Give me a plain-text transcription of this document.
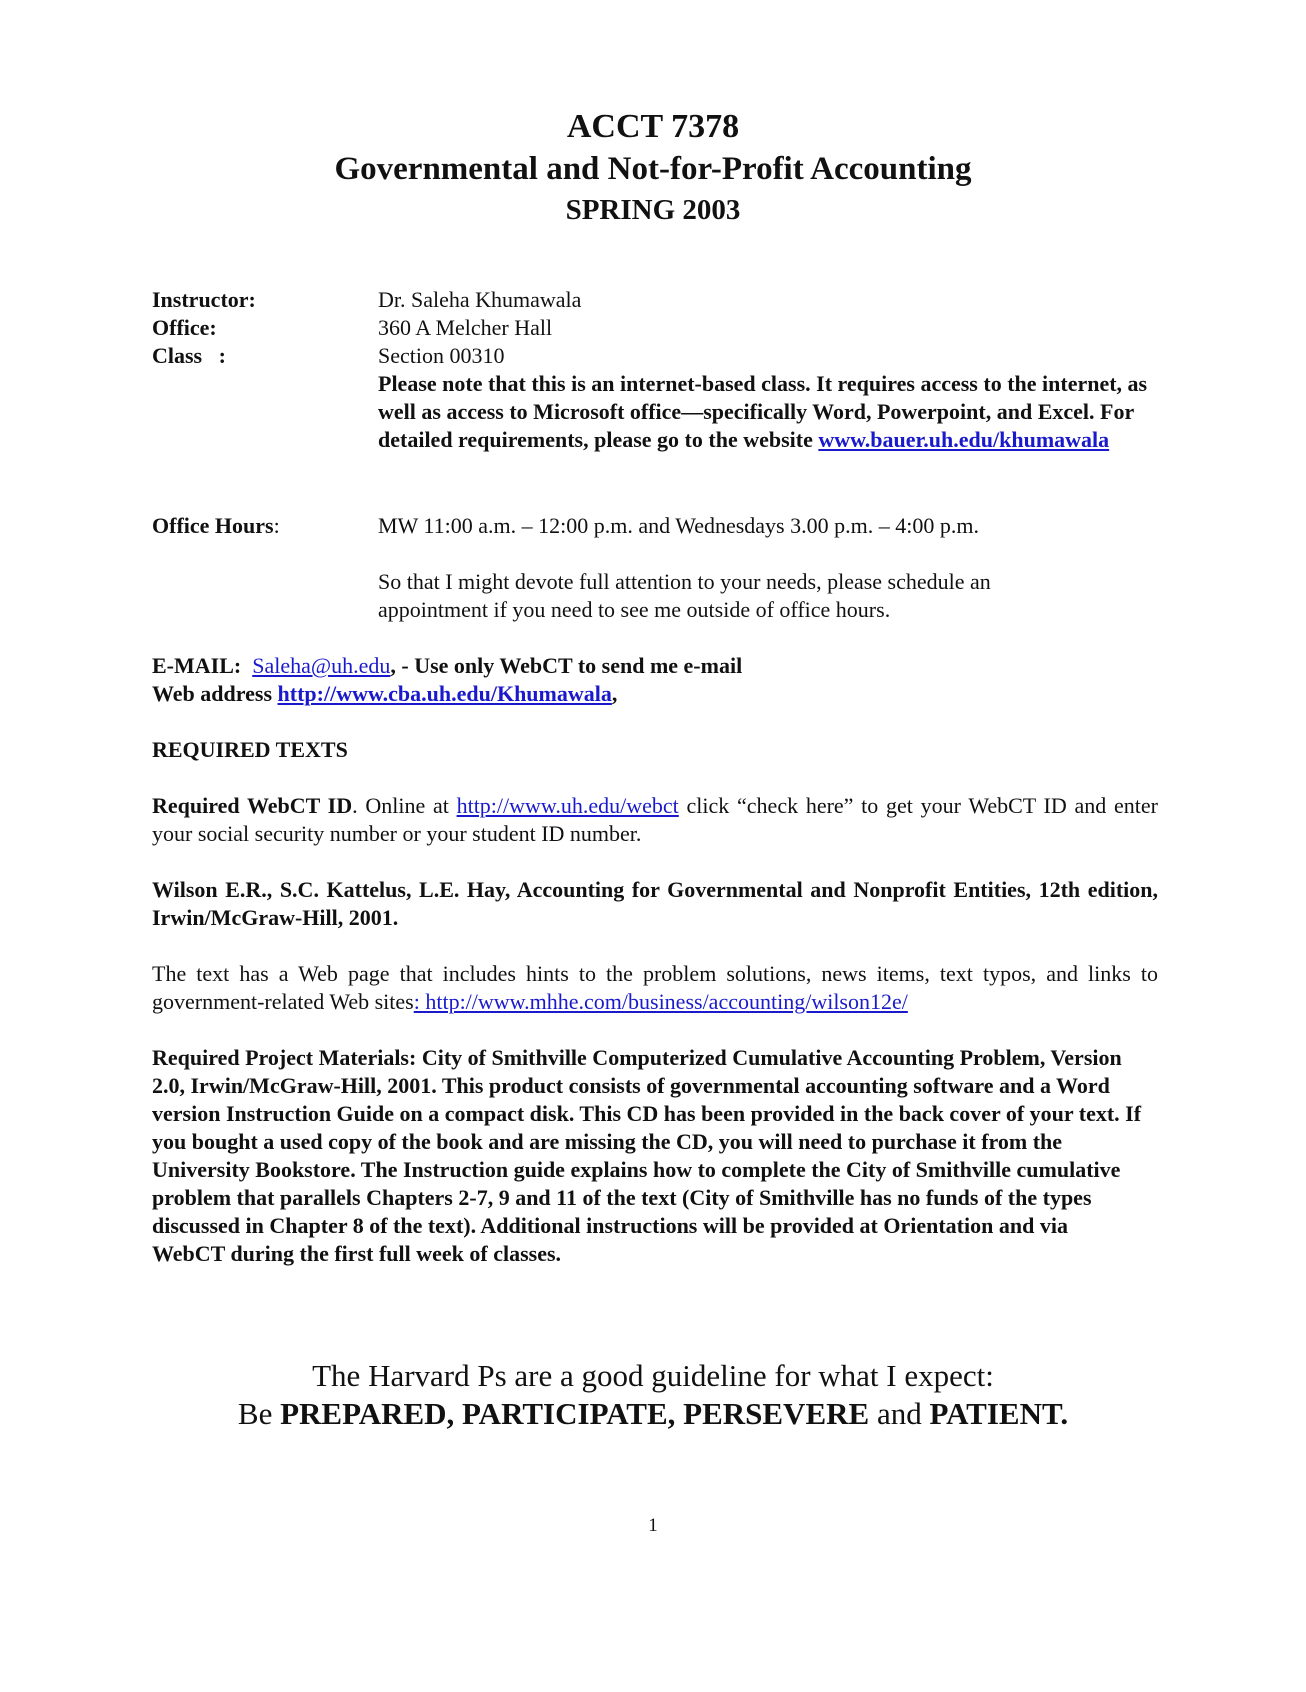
ACCT 7378
Governmental and Not-for-Profit Accounting
SPRING 2003
Instructor:	Dr. Saleha Khumawala
Office:	360 A Melcher Hall
Class   :	Section 00310
Please note that this is an internet-based class. It requires access to the internet, as well as access to Microsoft office—specifically Word, Powerpoint, and Excel. For detailed requirements, please go to the website www.bauer.uh.edu/khumawala
Office Hours:	MW 11:00 a.m. – 12:00 p.m. and Wednesdays 3.00 p.m. – 4:00 p.m.
So that I might devote full attention to your needs, please schedule an appointment if you need to see me outside of office hours.
E-MAIL: Saleha@uh.edu, - Use only WebCT to send me e-mail
Web address http://www.cba.uh.edu/Khumawala,
REQUIRED TEXTS
Required WebCT ID. Online at http://www.uh.edu/webct click “check here” to get your WebCT ID and enter your social security number or your student ID number.
Wilson E.R., S.C. Kattelus, L.E. Hay, Accounting for Governmental and Nonprofit Entities, 12th edition, Irwin/McGraw-Hill, 2001.
The text has a Web page that includes hints to the problem solutions, news items, text typos, and links to government-related Web sites: http://www.mhhe.com/business/accounting/wilson12e/
Required Project Materials: City of Smithville Computerized Cumulative Accounting Problem, Version 2.0, Irwin/McGraw-Hill, 2001. This product consists of governmental accounting software and a Word version Instruction Guide on a compact disk. This CD has been provided in the back cover of your text. If you bought a used copy of the book and are missing the CD, you will need to purchase it from the University Bookstore. The Instruction guide explains how to complete the City of Smithville cumulative problem that parallels Chapters 2-7, 9 and 11 of the text (City of Smithville has no funds of the types discussed in Chapter 8 of the text). Additional instructions will be provided at Orientation and via WebCT during the first full week of classes.
The Harvard Ps are a good guideline for what I expect:
Be PREPARED, PARTICIPATE, PERSEVERE and PATIENT.
1
